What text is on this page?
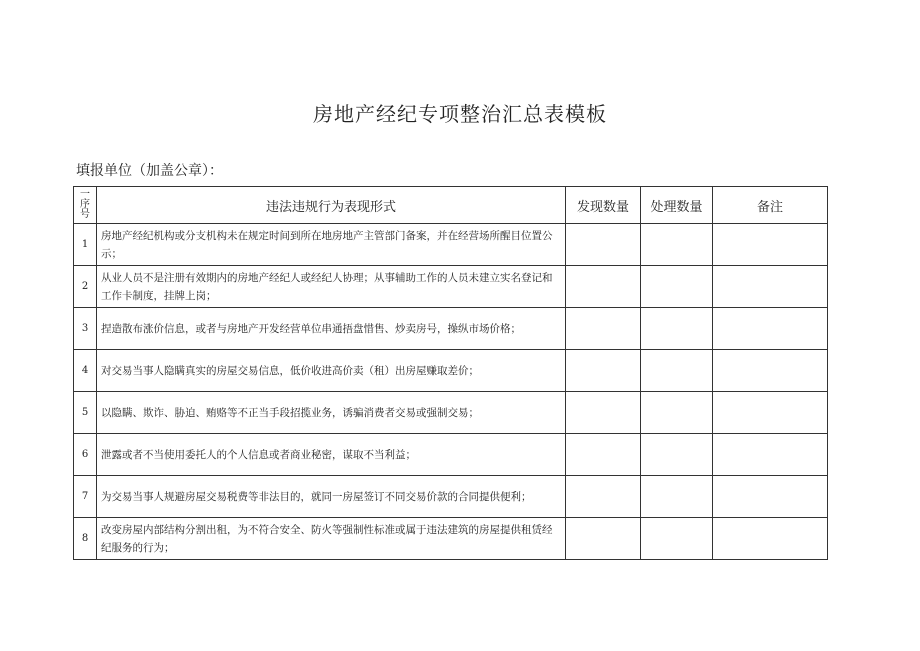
房地产经纪专项整治汇总表模板
填报单位（加盖公章）：
一
序号	违法违规行为表现形式	发现数量	处理数量	备注
1	房地产经纪机构或分支机构未在规定时间到所在地房地产主管部门备案，并在经营场所醒目位置公示；			
2	从业人员不是注册有效期内的房地产经纪人或经纪人协理；从事辅助工作的人员未建立实名登记和工作卡制度，挂牌上岗；			
3	捏造散布涨价信息，或者与房地产开发经营单位串通捂盘惜售、炒卖房号，操纵市场价格；			
4	对交易当事人隐瞒真实的房屋交易信息，低价收进高价卖（租）出房屋赚取差价；			
5	以隐瞒、欺诈、胁迫、贿赂等不正当手段招揽业务，诱骗消费者交易或强制交易；			
6	泄露或者不当使用委托人的个人信息或者商业秘密，谋取不当利益；			
7	为交易当事人规避房屋交易税费等非法目的，就同一房屋签订不同交易价款的合同提供便利；			
8	改变房屋内部结构分割出租，为不符合安全、防火等强制性标准或属于违法建筑的房屋提供租赁经纪服务的行为；			
